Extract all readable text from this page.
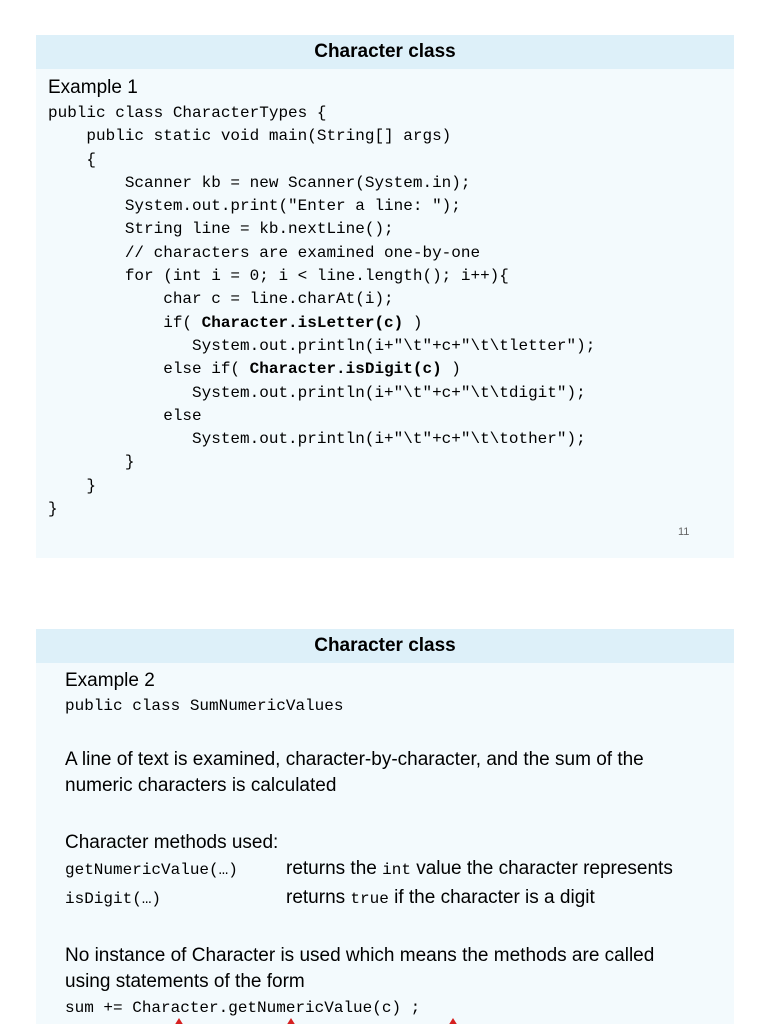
Character class
Example 1
public class CharacterTypes {
public static void main(String[] args)
{
Scanner kb = new Scanner(System.in);
System.out.print("Enter a line: ");
String line = kb.nextLine();
// characters are examined one-by-one
for (int i = 0; i < line.length(); i++){
char c = line.charAt(i);
if( Character.isLetter(c) )
System.out.println(i+"\t"+c+"\t\tletter");
else if( Character.isDigit(c) )
System.out.println(i+"\t"+c+"\t\tdigit");
else
System.out.println(i+"\t"+c+"\t\tother");
}
}
}
11
Character class
Example 2
public class SumNumericValues
A line of text is examined, character-by-character, and the sum of the
numeric characters is calculated
Character methods used:
getNumericValue(…)	returns the int value the character represents
isDigit(…)	returns true if the character is a digit
No instance of Character is used which means the methods are called
using statements of the form
sum += Character.getNumericValue(c) ;
